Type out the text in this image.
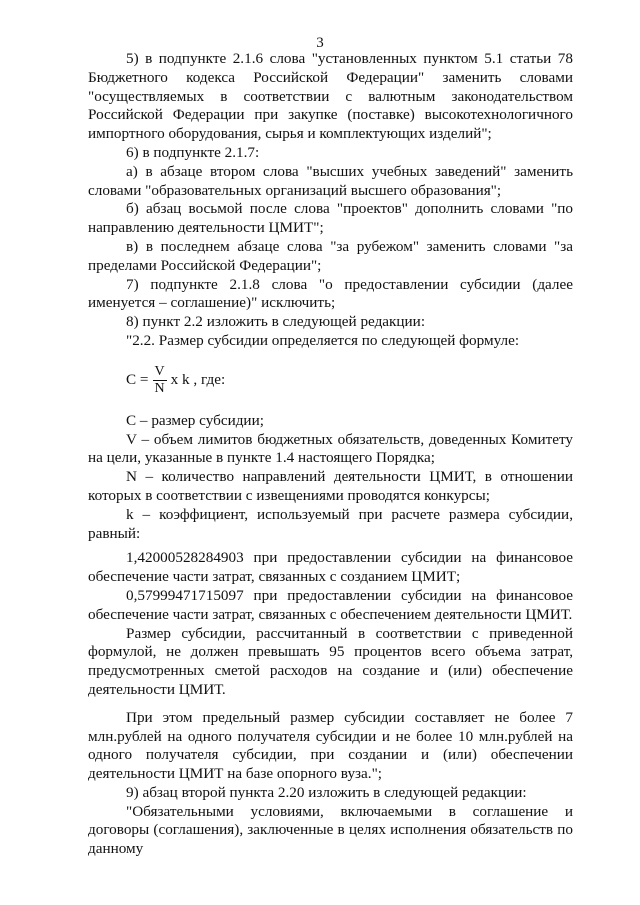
3

5) в подпункте 2.1.6 слова "установленных пунктом 5.1 статьи 78 Бюджетного кодекса Российской Федерации" заменить словами "осуществляемых в соответствии с валютным законодательством Российской Федерации при закупке (поставке) высокотехнологичного импортного оборудования, сырья и комплектующих изделий";

6) в подпункте 2.1.7:

а) в абзаце втором слова "высших учебных заведений" заменить словами "образовательных организаций высшего образования";

б) абзац восьмой после слова "проектов" дополнить словами "по направлению деятельности ЦМИТ";

в) в последнем абзаце слова "за рубежом" заменить словами "за пределами Российской Федерации";

7) подпункте 2.1.8 слова "о предоставлении субсидии (далее именуется – соглашение)" исключить;

8) пункт 2.2 изложить в следующей редакции:

"2.2. Размер субсидии определяется по следующей формуле:

$C = \frac{V}{N}$ x k , где:

C – размер субсидии;

V – объем лимитов бюджетных обязательств, доведенных Комитету на цели, указанные в пункте 1.4 настоящего Порядка;

N – количество направлений деятельности ЦМИТ, в отношении которых в соответствии с извещениями проводятся конкурсы;

k – коэффициент, используемый при расчете размера субсидии, равный:

1,42000528284903 при предоставлении субсидии на финансовое обеспечение части затрат, связанных с созданием ЦМИТ;

0,57999471715097 при предоставлении субсидии на финансовое обеспечение части затрат, связанных с обеспечением деятельности ЦМИТ.

Размер субсидии, рассчитанный в соответствии с приведенной формулой, не должен превышать 95 процентов всего объема затрат, предусмотренных сметой расходов на создание и (или) обеспечение деятельности ЦМИТ.

При этом предельный размер субсидии составляет не более 7 млн.рублей на одного получателя субсидии и не более 10 млн.рублей на одного получателя субсидии, при создании и (или) обеспечении деятельности ЦМИТ на базе опорного вуза.";

9) абзац второй пункта 2.20 изложить в следующей редакции:

"Обязательными условиями, включаемыми в соглашение и договоры (соглашения), заключенные в целях исполнения обязательств по данному
